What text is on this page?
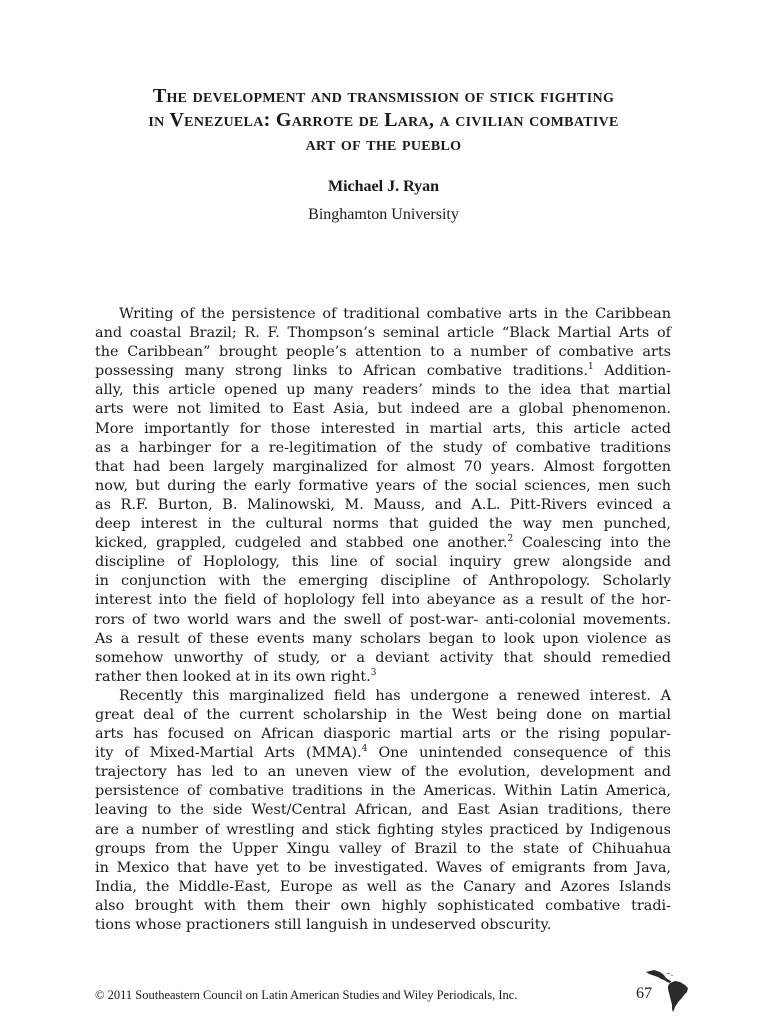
The development and transmission of stick fighting
in Venezuela: Garrote de Lara, a civilian combative
art of the pueblo
Michael J. Ryan
Binghamton University
Writing of the persistence of traditional combative arts in the Caribbean
and coastal Brazil; R. F. Thompson’s seminal article “Black Martial Arts of
the Caribbean” brought people’s attention to a number of combative arts
possessing many strong links to African combative traditions.$^1$ Addition-
ally, this article opened up many readers’ minds to the idea that martial
arts were not limited to East Asia, but indeed are a global phenomenon.
More importantly for those interested in martial arts, this article acted
as a harbinger for a re-legitimation of the study of combative traditions
that had been largely marginalized for almost 70 years. Almost forgotten
now, but during the early formative years of the social sciences, men such
as R.F. Burton, B. Malinowski, M. Mauss, and A.L. Pitt-Rivers evinced a
deep interest in the cultural norms that guided the way men punched,
kicked, grappled, cudgeled and stabbed one another.$^2$ Coalescing into the
discipline of Hoplology, this line of social inquiry grew alongside and
in conjunction with the emerging discipline of Anthropology. Scholarly
interest into the field of hoplology fell into abeyance as a result of the hor-
rors of two world wars and the swell of post-war- anti-colonial movements.
As a result of these events many scholars began to look upon violence as
somehow unworthy of study, or a deviant activity that should remedied
rather then looked at in its own right.$^3$
Recently this marginalized field has undergone a renewed interest. A
great deal of the current scholarship in the West being done on martial
arts has focused on African diasporic martial arts or the rising popular-
ity of Mixed-Martial Arts (MMA).$^4$ One unintended consequence of this
trajectory has led to an uneven view of the evolution, development and
persistence of combative traditions in the Americas. Within Latin America,
leaving to the side West/Central African, and East Asian traditions, there
are a number of wrestling and stick fighting styles practiced by Indigenous
groups from the Upper Xingu valley of Brazil to the state of Chihuahua
in Mexico that have yet to be investigated. Waves of emigrants from Java,
India, the Middle-East, Europe as well as the Canary and Azores Islands
also brought with them their own highly sophisticated combative tradi-
tions whose practioners still languish in undeserved obscurity.
© 2011 Southeastern Council on Latin American Studies and Wiley Periodicals, Inc.	67
